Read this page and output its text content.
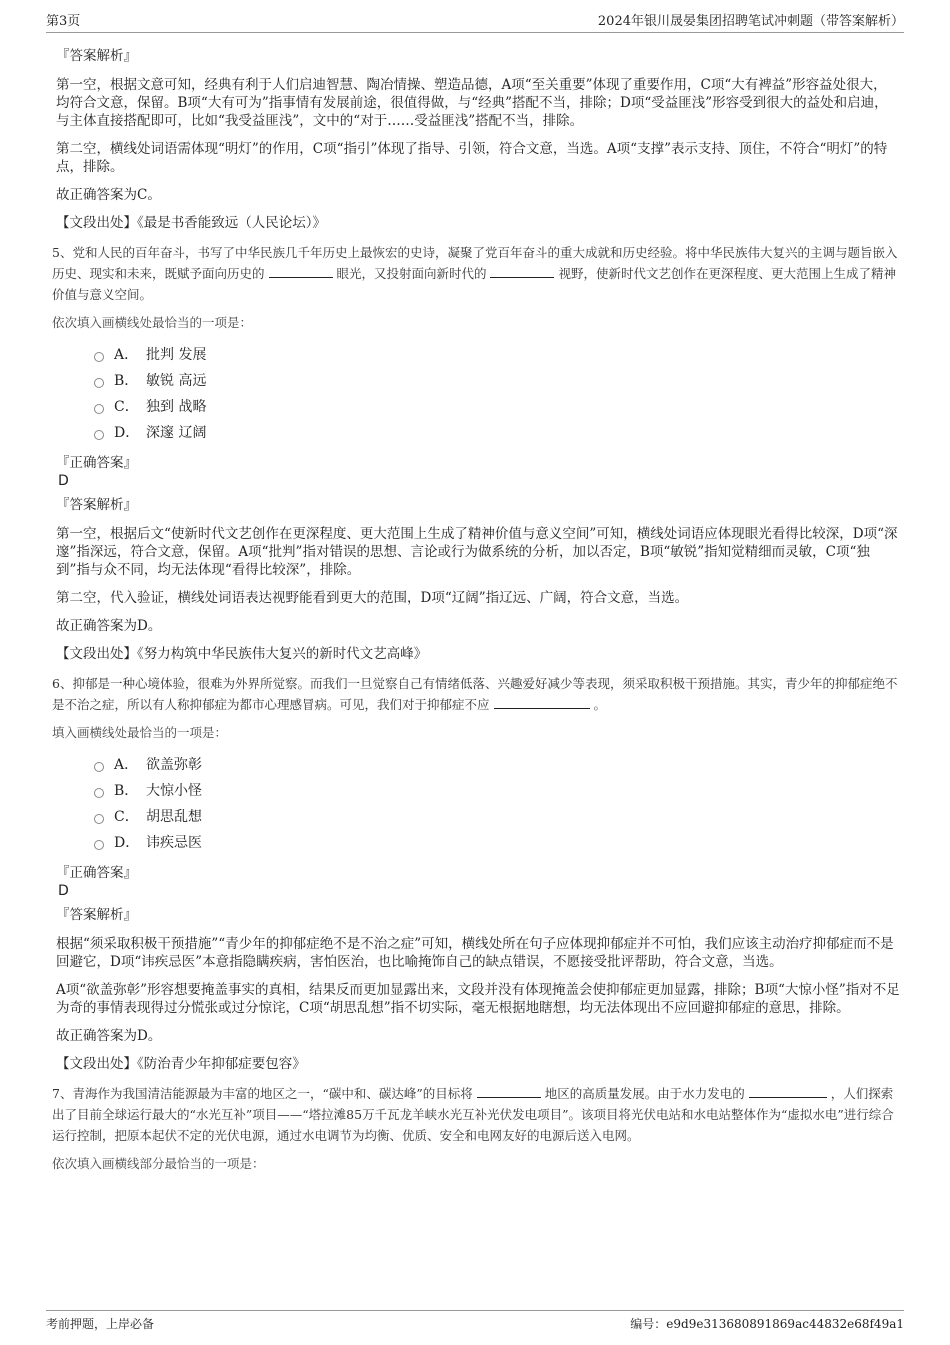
第3页	2024年银川晟晏集团招聘笔试冲刺题（带答案解析）
『答案解析』
第一空，根据文意可知，经典有利于人们启迪智慧、陶冶情操、塑造品德，A项“至关重要”体现了重要作用，C项“大有裨益”形容益处很大，均符合文意，保留。B项“大有可为”指事情有发展前途，很值得做，与“经典”搭配不当，排除；D项“受益匪浅”形容受到很大的益处和启迪，与主体直接搭配即可，比如“我受益匪浅”，文中的“对于……受益匪浅”搭配不当，排除。
第二空，横线处词语需体现“明灯”的作用，C项“指引”体现了指导、引领，符合文意，当选。A项“支撑”表示支持、顶住，不符合“明灯”的特点，排除。
故正确答案为C。
【文段出处】《最是书香能致远（人民论坛）》
5、党和人民的百年奋斗，书写了中华民族几千年历史上最恢宏的史诗，凝聚了党百年奋斗的重大成就和历史经验。将中华民族伟大复兴的主调与题旨嵌入历史、现实和未来，既赋予面向历史的	眼光，又投射面向新时代的	视野，使新时代文艺创作在更深程度、更大范围上生成了精神价值与意义空间。
依次填入画横线处最恰当的一项是：
A． 批判 发展
B． 敏锐 高远
C． 独到 战略
D． 深邃 辽阔
『正确答案』
D
『答案解析』
第一空，根据后文“使新时代文艺创作在更深程度、更大范围上生成了精神价值与意义空间”可知，横线处词语应体现眼光看得比较深，D项“深邃”指深远，符合文意，保留。A项“批判”指对错误的思想、言论或行为做系统的分析，加以否定，B项“敏锐”指知觉精细而灵敏，C项“独到”指与众不同，均无法体现“看得比较深”，排除。
第二空，代入验证，横线处词语表达视野能看到更大的范围，D项“辽阔”指辽远、广阔，符合文意，当选。
故正确答案为D。
【文段出处】《努力构筑中华民族伟大复兴的新时代文艺高峰》
6、抑郁是一种心境体验，很难为外界所觉察。而我们一旦觉察自己有情绪低落、兴趣爱好减少等表现，须采取积极干预措施。其实，青少年的抑郁症绝不是不治之症，所以有人称抑郁症为都市心理感冒病。可见，我们对于抑郁症不应	。
填入画横线处最恰当的一项是：
A． 欲盖弥彰
B． 大惊小怪
C． 胡思乱想
D． 讳疾忌医
『正确答案』
D
『答案解析』
根据“须采取积极干预措施”“青少年的抑郁症绝不是不治之症”可知，横线处所在句子应体现抑郁症并不可怕，我们应该主动治疗抑郁症而不是回避它，D项“讳疾忌医”本意指隐瞒疾病，害怕医治，也比喻掩饰自己的缺点错误，不愿接受批评帮助，符合文意，当选。
A项“欲盖弥彰”形容想要掩盖事实的真相，结果反而更加显露出来，文段并没有体现掩盖会使抑郁症更加显露，排除；B项“大惊小怪”指对不足为奇的事情表现得过分慌张或过分惊诧，C项“胡思乱想”指不切实际，毫无根据地瞎想，均无法体现出不应回避抑郁症的意思，排除。
故正确答案为D。
【文段出处】《防治青少年抑郁症要包容》
7、青海作为我国清洁能源最为丰富的地区之一，“碳中和、碳达峰”的目标将	地区的高质量发展。由于水力发电的	，人们探索出了目前全球运行最大的“水光互补”项目——“塔拉滩85万千瓦龙羊峡水光互补光伏发电项目”。该项目将光伏电站和水电站整体作为“虚拟水电”进行综合运行控制，把原本起伏不定的光伏电源，通过水电调节为均衡、优质、安全和电网友好的电源后送入电网。
依次填入画横线部分最恰当的一项是：
考前押题，上岸必备	编号：e9d9e313680891869ac44832e68f49a1
